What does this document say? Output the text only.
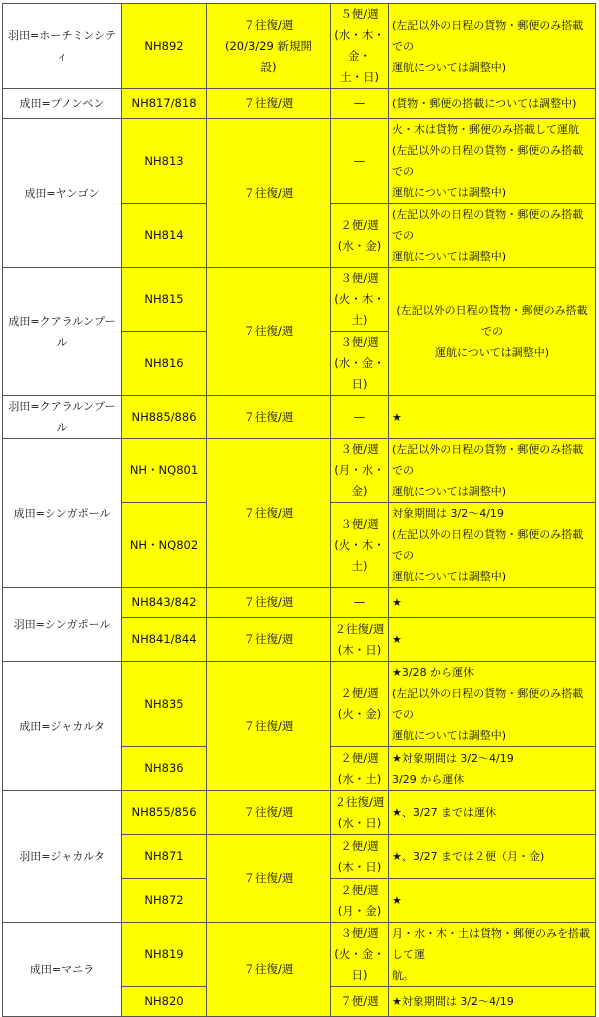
羽田=ホーチミンシティ	NH892	７往復/週
(20/3/29 新規開
設)	５便/週
(水・木・金・
土・日)	(左記以外の日程の貨物・郵便のみ搭載での
運航については調整中)

成田=プノンペン	NH817/818	７往復/週	—	(貨物・郵便の搭載については調整中)
成田=ヤンゴン	NH813	７往復/週	—	火・木は貨物・郵便のみ搭載して運航
(左記以外の日程の貨物・郵便のみ搭載での
運航については調整中)

	NH814		２便/週
(水・金)	(左記以外の日程の貨物・郵便のみ搭載での
運航については調整中)

成田=クアラルンプール	NH815	７往復/週	３便/週
(火・木・土)	(左記以外の日程の貨物・郵便のみ搭載での
運航については調整中)

	NH816		３便/週
(水・金・日)	

羽田=クアラルンプール	NH885/886	７往復/週	—	★
成田=シンガポール	NH・NQ801	７往復/週	３便/週
(月・水・金)	(左記以外の日程の貨物・郵便のみ搭載での
運航については調整中)

	NH・NQ802		３便/週
(火・木・土)	対象期間は 3/2～4/19
(左記以外の日程の貨物・郵便のみ搭載での
運航については調整中)

羽田=シンガポール	NH843/842	７往復/週	—	★
	NH841/844	７往復/週	２往復/週
(木・日)	★
成田=ジャカルタ	NH835	７往復/週	２便/週
(火・金)	★3/28 から運休
(左記以外の日程の貨物・郵便のみ搭載での
運航については調整中)

	NH836		２便/週
(水・土)	★対象期間は 3/2～4/19
3/29 から運休

羽田=ジャカルタ	NH855/856	７往復/週	２往復/週
(水・日)	★、3/27 までは運休
	NH871	７往復/週	２便/週
(木・日)	★、3/27 までは２便（月・金)
	NH872		２便/週
(月・金)	★
成田=マニラ	NH819	７往復/週	３便/週
(火・金・日)	月・水・木・土は貨物・郵便のみを搭載して運
航。

	NH820		７便/週	★対象期間は 3/2～4/19
